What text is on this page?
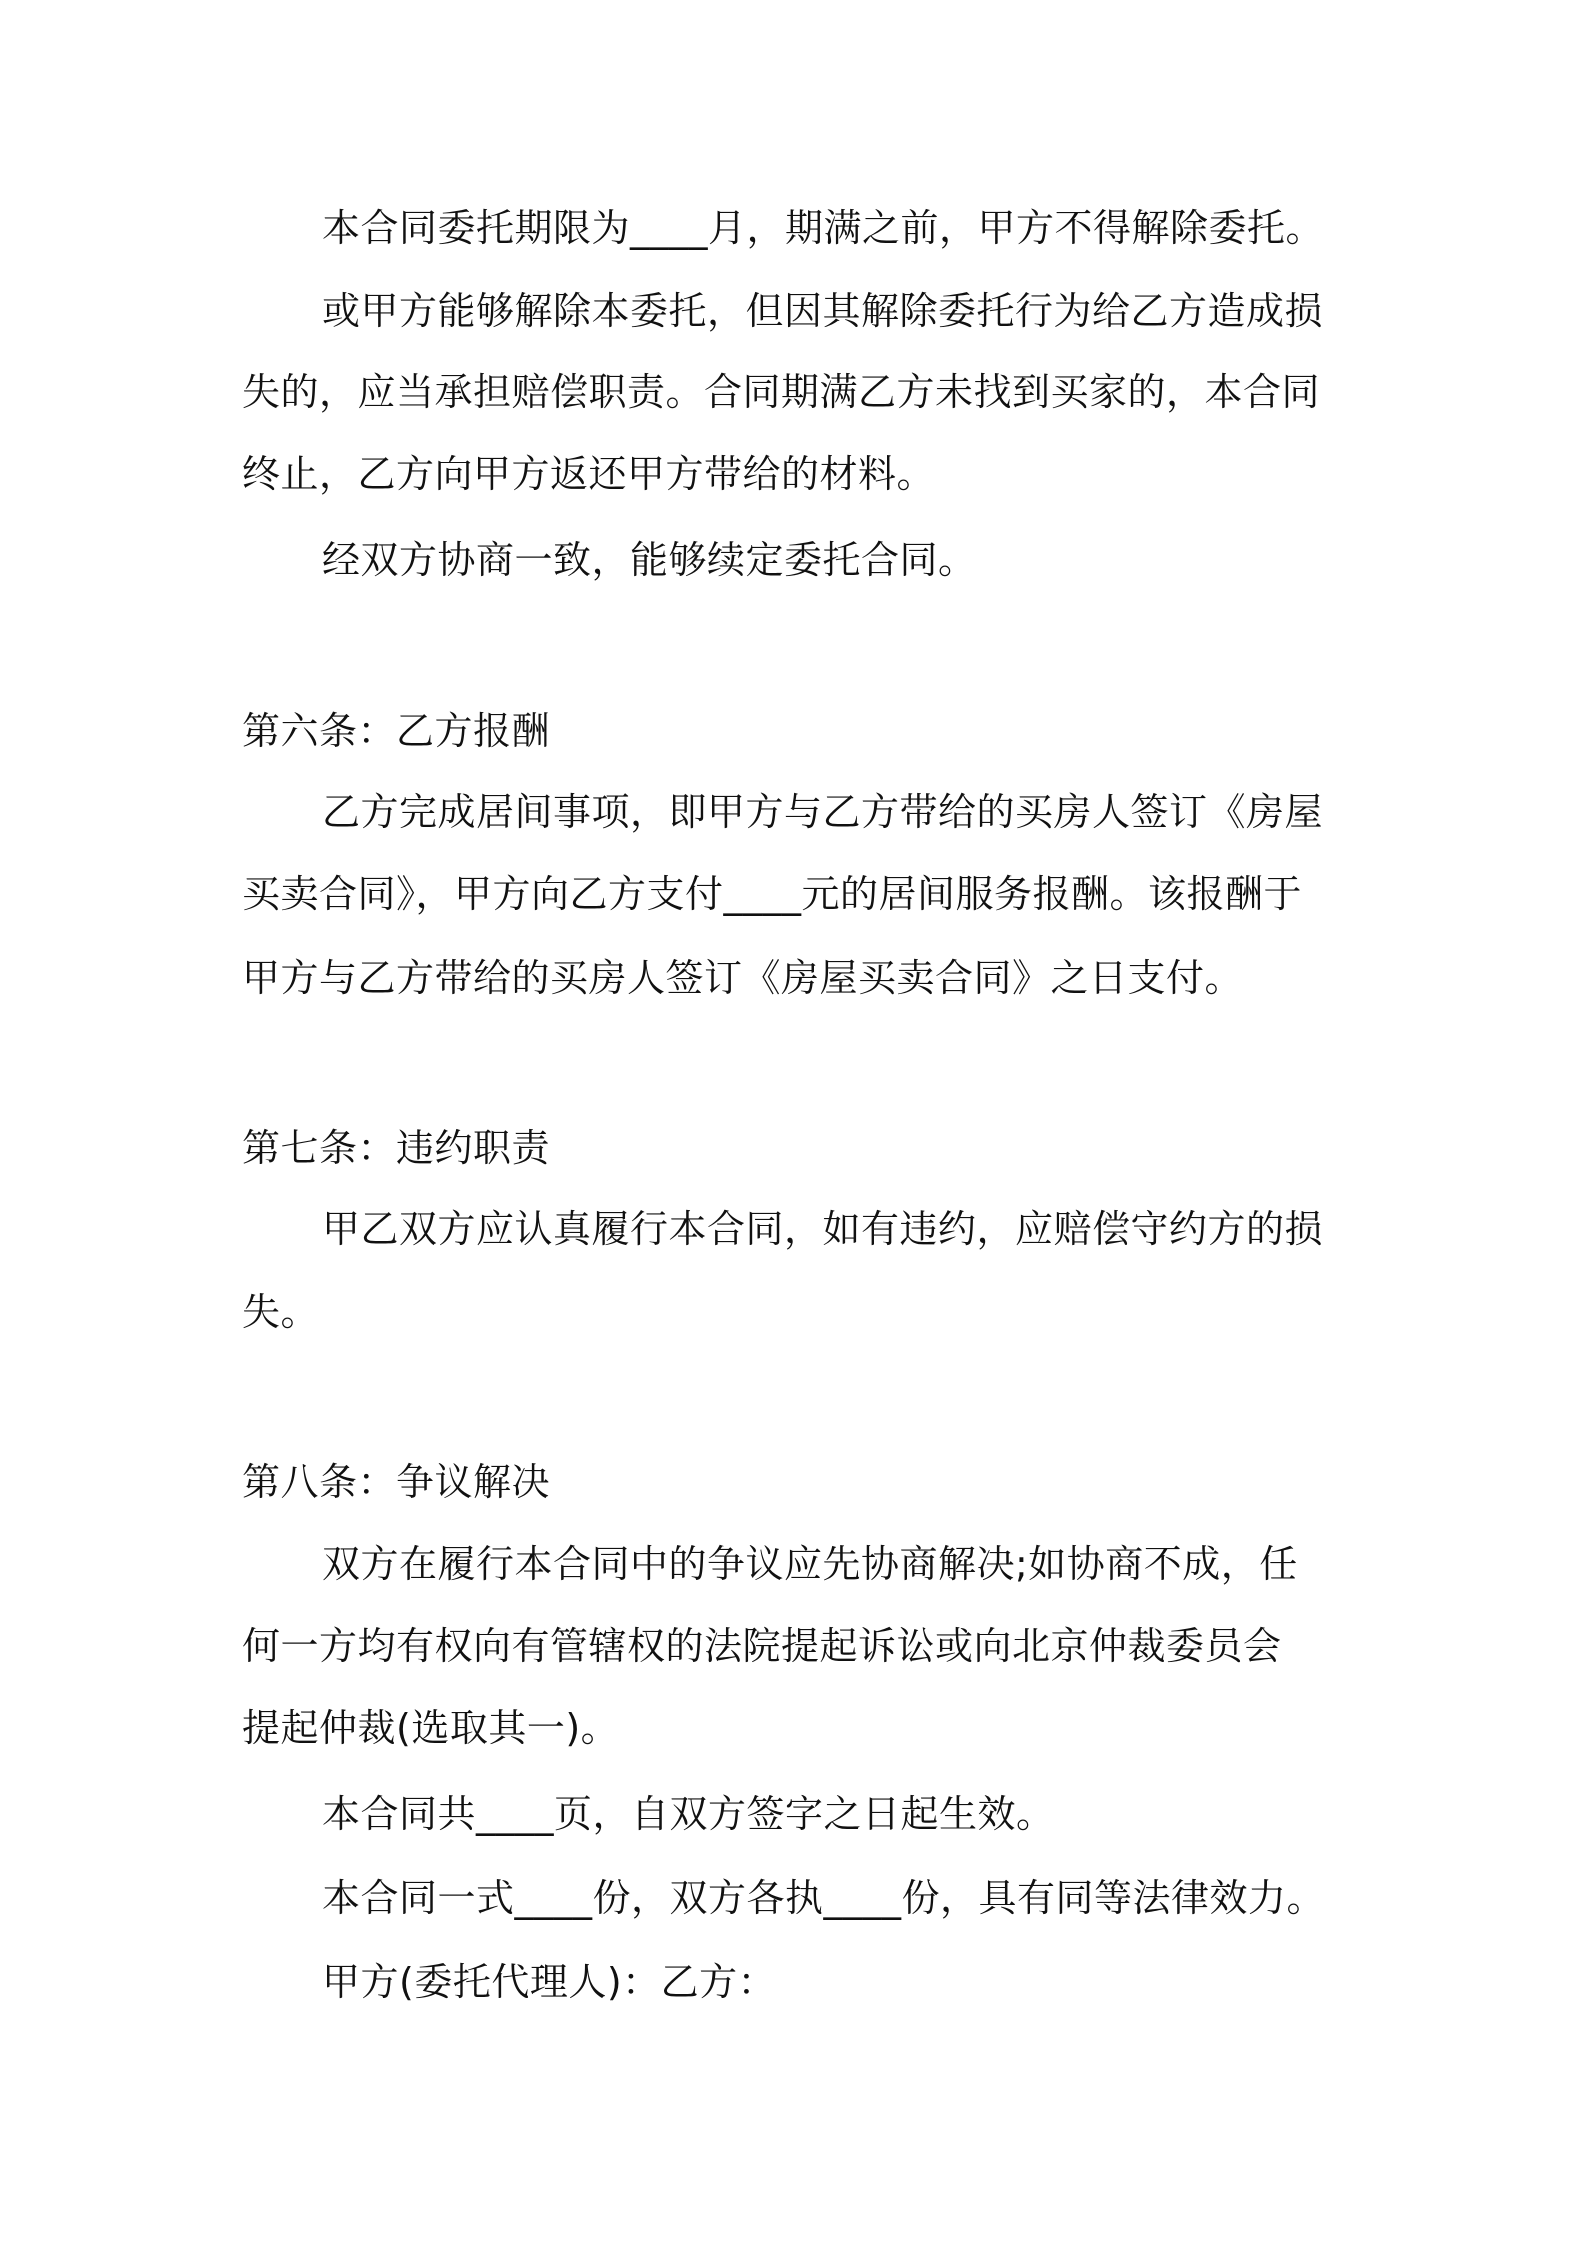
本合同委托期限为____月，期满之前，甲方不得解除委托。
或甲方能够解除本委托，但因其解除委托行为给乙方造成损
失的，应当承担赔偿职责。合同期满乙方未找到买家的，本合同
终止，乙方向甲方返还甲方带给的材料。
经双方协商一致，能够续定委托合同。
第六条：乙方报酬
乙方完成居间事项，即甲方与乙方带给的买房人签订《房屋
买卖合同》，甲方向乙方支付____元的居间服务报酬。该报酬于
甲方与乙方带给的买房人签订《房屋买卖合同》之日支付。
第七条：违约职责
甲乙双方应认真履行本合同，如有违约，应赔偿守约方的损
失。
第八条：争议解决
双方在履行本合同中的争议应先协商解决;如协商不成，任
何一方均有权向有管辖权的法院提起诉讼或向北京仲裁委员会
提起仲裁(选取其一)。
本合同共____页，自双方签字之日起生效。
本合同一式____份，双方各执____份，具有同等法律效力。
甲方(委托代理人)：乙方：
